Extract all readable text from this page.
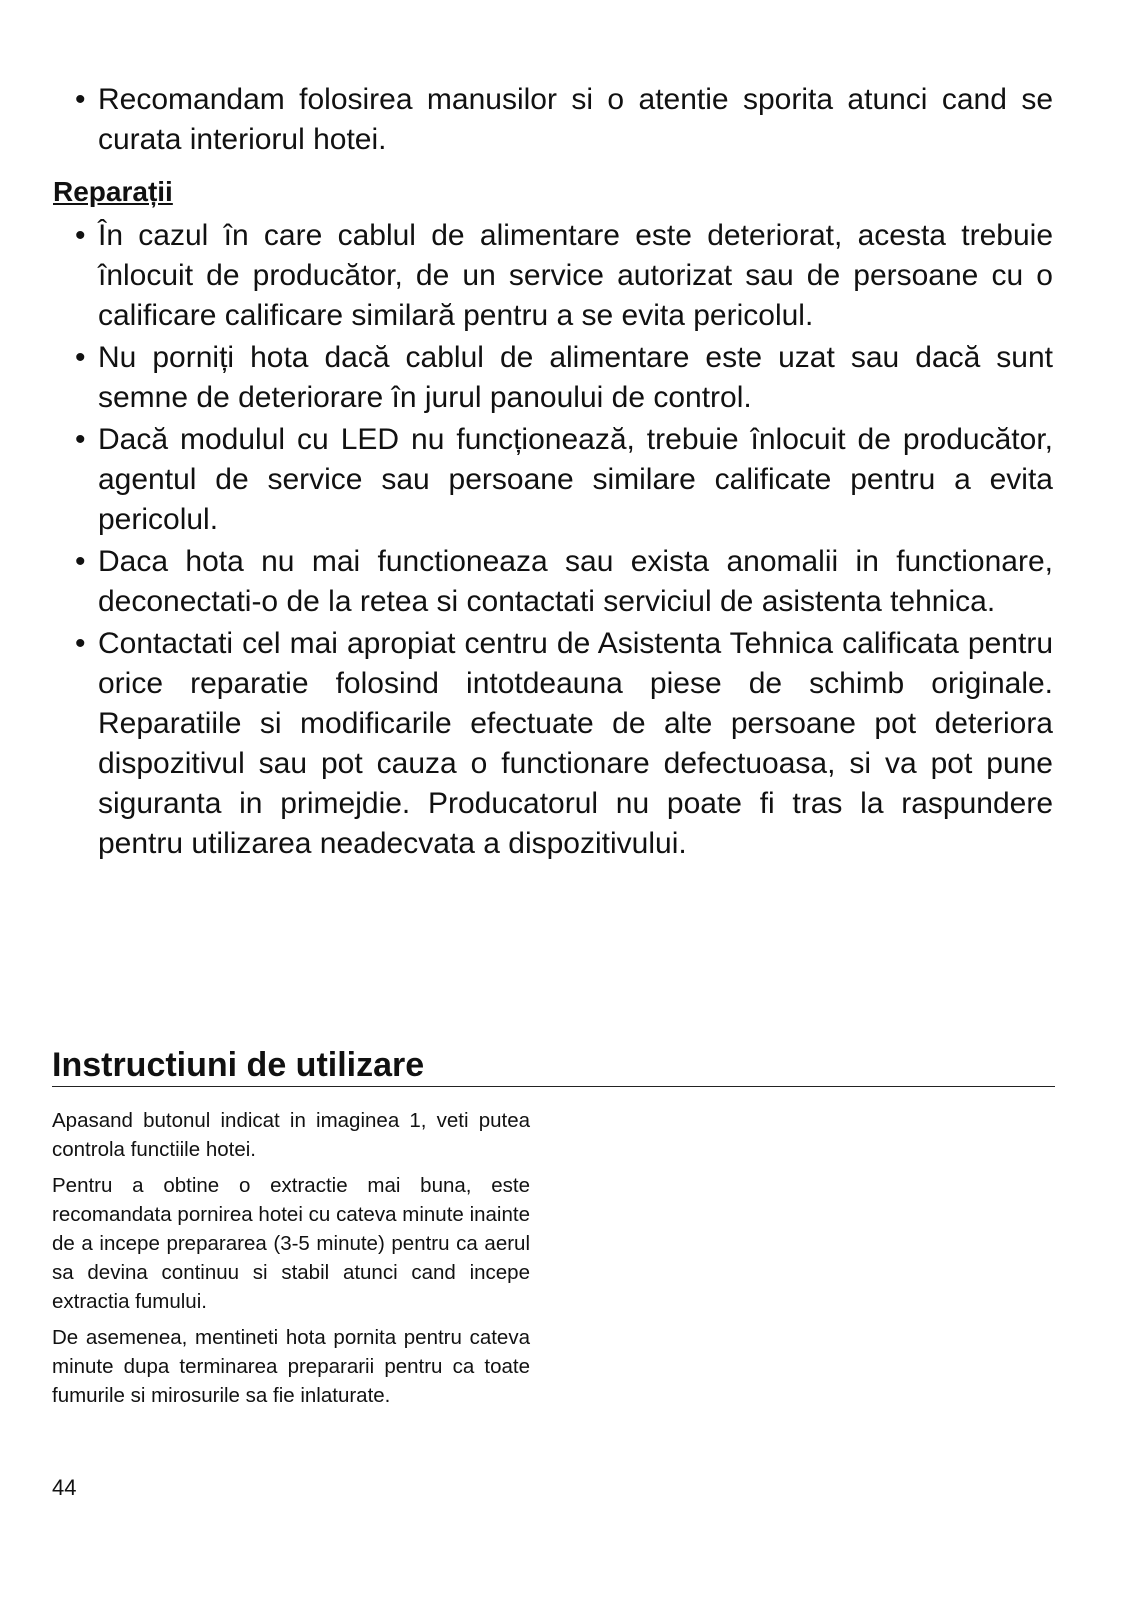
• Recomandam folosirea manusilor si o atentie sporita atunci cand se curata interiorul hotei.
Reparații
• În cazul în care cablul de alimentare este deteriorat, acesta trebuie înlocuit de producător, de un service autorizat sau de persoane cu o calificare calificare similară pentru a se evita pericolul.
• Nu porniți hota dacă cablul de alimentare este uzat sau dacă sunt semne de deteriorare în jurul panoului de control.
• Dacă modulul cu LED nu funcționează, trebuie înlocuit de producător, agentul de service sau persoane similare calificate pentru a evita pericolul.
• Daca hota nu mai functioneaza sau exista anomalii in functionare, deconectati-o de la retea si contactati serviciul de asistenta tehnica.
• Contactati cel mai apropiat centru de Asistenta Tehnica calificata pentru orice reparatie folosind intotdeauna piese de schimb originale. Reparatiile si modificarile efectuate de alte persoane pot deteriora dispozitivul sau pot cauza o functionare defectuoasa, si va pot pune siguranta in primejdie. Producatorul nu poate fi tras la raspundere pentru utilizarea neadecvata a dispozitivului.
Instructiuni de utilizare

Apasand butonul indicat in imaginea 1, veti putea controla functiile hotei.

Pentru a obtine o extractie mai buna, este recomandata pornirea hotei cu cateva minute inainte de a incepe prepararea (3-5 minute) pentru ca aerul sa devina continuu si stabil atunci cand incepe extractia fumului.

De asemenea, mentineti hota pornita pentru cateva minute dupa terminarea prepararii pentru ca toate fumurile si mirosurile sa fie inlaturate.

44
